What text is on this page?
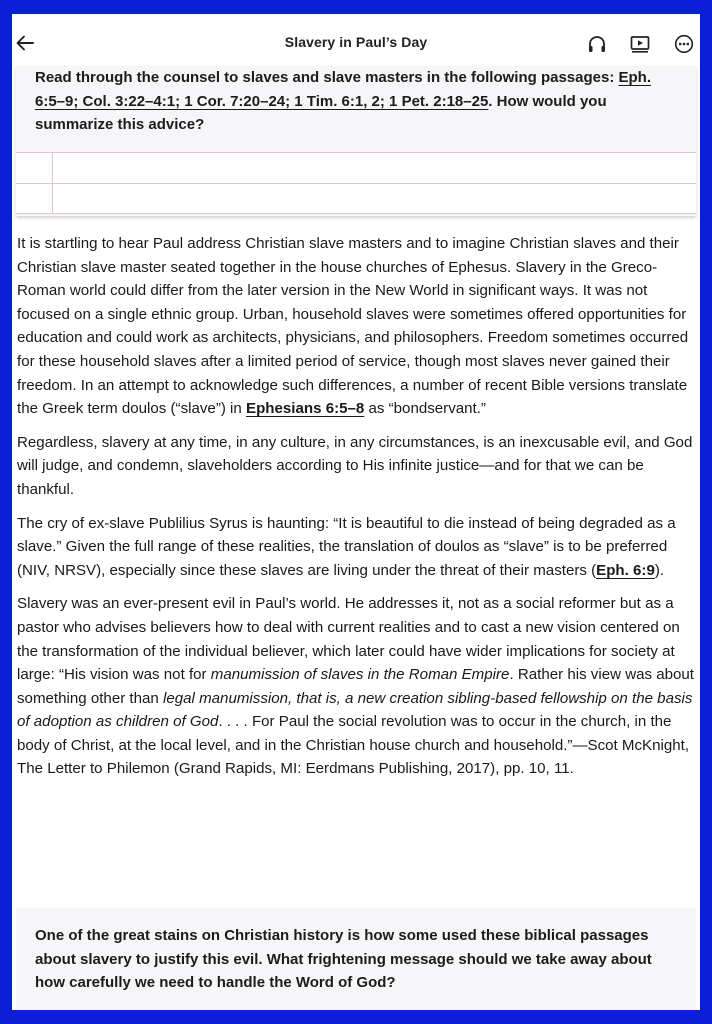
Slavery in Paul’s Day
Read through the counsel to slaves and slave masters in the following passages: Eph. 6:5–9; Col. 3:22–4:1; 1 Cor. 7:20–24; 1 Tim. 6:1, 2; 1 Pet. 2:18–25. How would you summarize this advice?

It is startling to hear Paul address Christian slave masters and to imagine Christian slaves and their Christian slave master seated together in the house churches of Ephesus. Slavery in the Greco-Roman world could differ from the later version in the New World in significant ways. It was not focused on a single ethnic group. Urban, household slaves were sometimes offered opportunities for education and could work as architects, physicians, and philosophers. Freedom sometimes occurred for these household slaves after a limited period of service, though most slaves never gained their freedom. In an attempt to acknowledge such differences, a number of recent Bible versions translate the Greek term doulos (“slave”) in Ephesians 6:5–8 as “bondservant.”

Regardless, slavery at any time, in any culture, in any circumstances, is an inexcusable evil, and God will judge, and condemn, slaveholders according to His infinite justice—and for that we can be thankful.

The cry of ex-slave Publilius Syrus is haunting: “It is beautiful to die instead of being degraded as a slave.” Given the full range of these realities, the translation of doulos as “slave” is to be preferred (NIV, NRSV), especially since these slaves are living under the threat of their masters (Eph. 6:9).

Slavery was an ever-present evil in Paul’s world. He addresses it, not as a social reformer but as a pastor who advises believers how to deal with current realities and to cast a new vision centered on the transformation of the individual believer, which later could have wider implications for society at large: “His vision was not for manumission of slaves in the Roman Empire. Rather his view was about something other than legal manumission, that is, a new creation sibling-based fellowship on the basis of adoption as children of God. . . . For Paul the social revolution was to occur in the church, in the body of Christ, at the local level, and in the Christian house church and household.”—Scot McKnight, The Letter to Philemon (Grand Rapids, MI: Eerdmans Publishing, 2017), pp. 10, 11.

One of the great stains on Christian history is how some used these biblical passages about slavery to justify this evil. What frightening message should we take away about how carefully we need to handle the Word of God?
